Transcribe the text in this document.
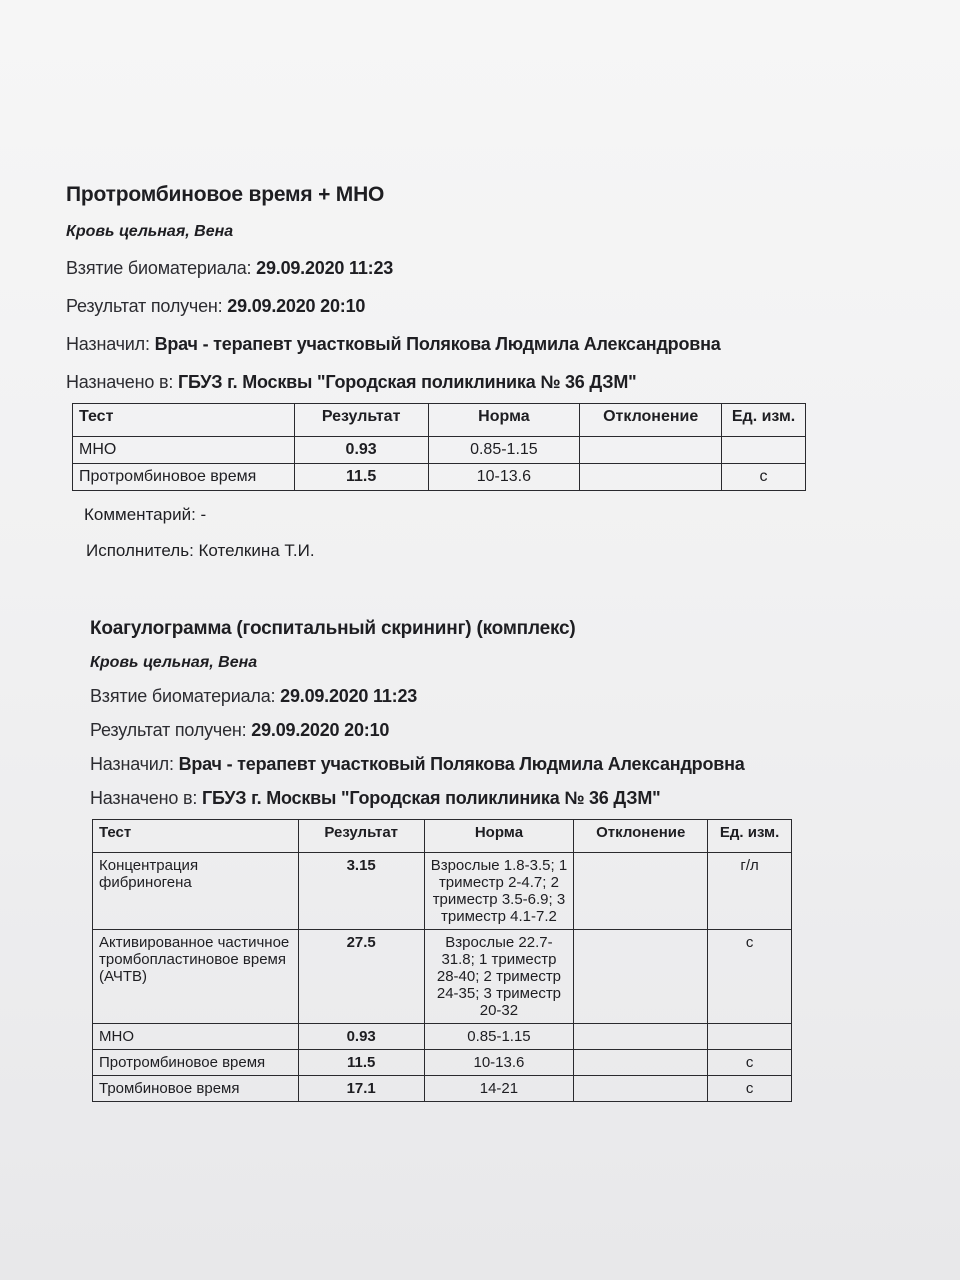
Протромбиновое время + МНО
Кровь цельная, Вена
Взятие биоматериала: 29.09.2020 11:23
Результат получен: 29.09.2020 20:10
Назначил: Врач - терапевт участковый Полякова Людмила Александровна
Назначено в: ГБУЗ г. Москвы "Городская поликлиника № 36 ДЗМ"
Тест	Результат	Норма	Отклонение	Ед. изм.
МНО	0.93	0.85-1.15		
Протромбиновое время	11.5	10-13.6		с
Комментарий: -
Исполнитель: Котелкина Т.И.
Коагулограмма (госпитальный скрининг) (комплекс)
Кровь цельная, Вена
Взятие биоматериала: 29.09.2020 11:23
Результат получен: 29.09.2020 20:10
Назначил: Врач - терапевт участковый Полякова Людмила Александровна
Назначено в: ГБУЗ г. Москвы "Городская поликлиника № 36 ДЗМ"
Тест	Результат	Норма	Отклонение	Ед. изм.
Концентрация фибриногена	3.15	Взрослые 1.8-3.5; 1 триместр 2-4.7; 2 триместр 3.5-6.9; 3 триместр 4.1-7.2		г/л
Активированное частичное тромбопластиновое время (АЧТВ)	27.5	Взрослые 22.7-31.8; 1 триместр 28-40; 2 триместр 24-35; 3 триместр 20-32		с
МНО	0.93	0.85-1.15		
Протромбиновое время	11.5	10-13.6		с
Тромбиновое время	17.1	14-21		с
